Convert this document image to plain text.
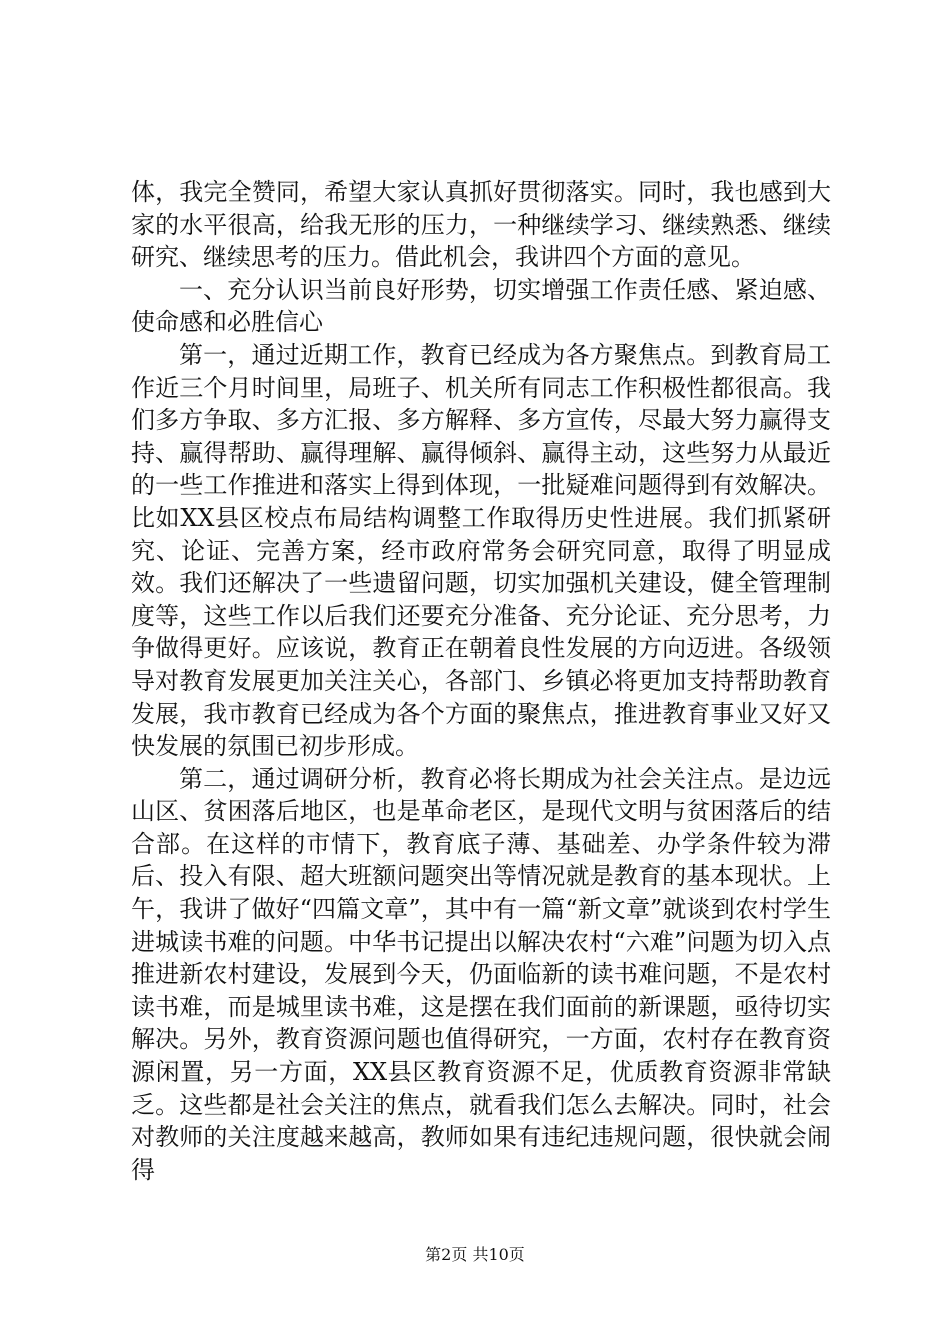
体，我完全赞同，希望大家认真抓好贯彻落实。同时，我也感到大家的水平很高，给我无形的压力，一种继续学习、继续熟悉、继续研究、继续思考的压力。借此机会，我讲四个方面的意见。

一、充分认识当前良好形势，切实增强工作责任感、紧迫感、使命感和必胜信心

第一，通过近期工作，教育已经成为各方聚焦点。到教育局工作近三个月时间里，局班子、机关所有同志工作积极性都很高。我们多方争取、多方汇报、多方解释、多方宣传，尽最大努力赢得支持、赢得帮助、赢得理解、赢得倾斜、赢得主动，这些努力从最近的一些工作推进和落实上得到体现，一批疑难问题得到有效解决。比如XX县区校点布局结构调整工作取得历史性进展。我们抓紧研究、论证、完善方案，经市政府常务会研究同意，取得了明显成效。我们还解决了一些遗留问题，切实加强机关建设，健全管理制度等，这些工作以后我们还要充分准备、充分论证、充分思考，力争做得更好。应该说，教育正在朝着良性发展的方向迈进。各级领导对教育发展更加关注关心，各部门、乡镇必将更加支持帮助教育发展，我市教育已经成为各个方面的聚焦点，推进教育事业又好又快发展的氛围已初步形成。

第二，通过调研分析，教育必将长期成为社会关注点。是边远山区、贫困落后地区，也是革命老区，是现代文明与贫困落后的结合部。在这样的市情下，教育底子薄、基础差、办学条件较为滞后、投入有限、超大班额问题突出等情况就是教育的基本现状。上午，我讲了做好“四篇文章”，其中有一篇“新文章”就谈到农村学生进城读书难的问题。中华书记提出以解决农村“六难”问题为切入点推进新农村建设，发展到今天，仍面临新的读书难问题，不是农村读书难，而是城里读书难，这是摆在我们面前的新课题，亟待切实解决。另外，教育资源问题也值得研究，一方面，农村存在教育资源闲置，另一方面，XX县区教育资源不足，优质教育资源非常缺乏。这些都是社会关注的焦点，就看我们怎么去解决。同时，社会对教师的关注度越来越高，教师如果有违纪违规问题，很快就会闹得

第2页 共10页
